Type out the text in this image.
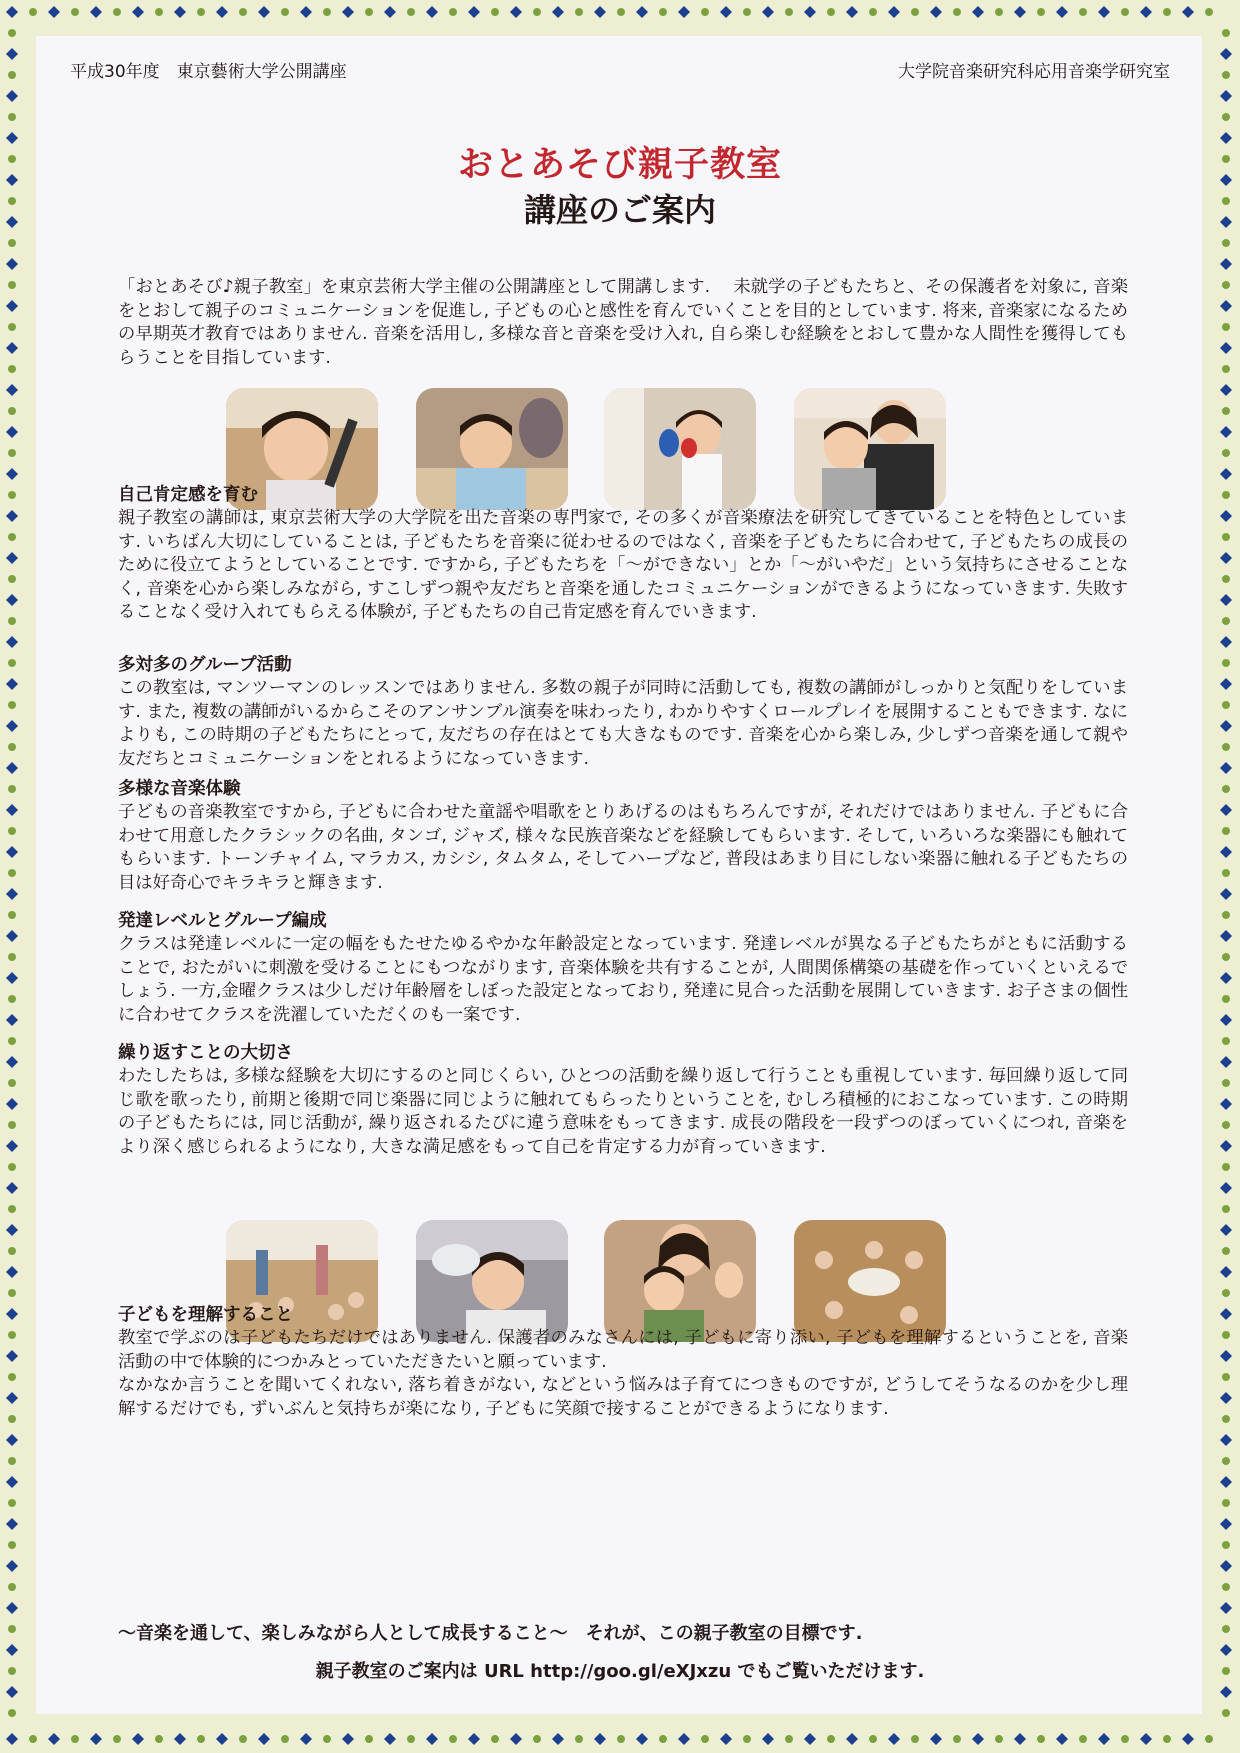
平成30年度　東京藝術大学公開講座	大学院音楽研究科応用音楽学研究室
おとあそび親子教室
講座のご案内

「おとあそび♪親子教室」を東京芸術大学主催の公開講座として開講します.　 未就学の子どもたちと、その保護者を対象に, 音楽をとおして親子のコミュニケーションを促進し, 子どもの心と感性を育んでいくことを目的としています. 将来, 音楽家になるための早期英才教育ではありません. 音楽を活用し, 多様な音と音楽を受け入れ, 自ら楽しむ経験をとおして豊かな人間性を獲得してもらうことを目指しています.

自己肯定感を育む

親子教室の講師は, 東京芸術大学の大学院を出た音楽の専門家で, その多くが音楽療法を研究してきていることを特色としています. いちばん大切にしていることは, 子どもたちを音楽に従わせるのではなく, 音楽を子どもたちに合わせて, 子どもたちの成長のために役立てようとしていることです. ですから, 子どもたちを「〜ができない」とか「〜がいやだ」という気持ちにさせることなく, 音楽を心から楽しみながら, すこしずつ親や友だちと音楽を通したコミュニケーションができるようになっていきます. 失敗することなく受け入れてもらえる体験が, 子どもたちの自己肯定感を育んでいきます.

多対多のグループ活動

この教室は, マンツーマンのレッスンではありません. 多数の親子が同時に活動しても, 複数の講師がしっかりと気配りをしています. また, 複数の講師がいるからこそのアンサンブル演奏を味わったり, わかりやすくロールプレイを展開することもできます. なによりも, この時期の子どもたちにとって, 友だちの存在はとても大きなものです. 音楽を心から楽しみ, 少しずつ音楽を通して親や友だちとコミュニケーションをとれるようになっていきます.

多様な音楽体験

子どもの音楽教室ですから, 子どもに合わせた童謡や唱歌をとりあげるのはもちろんですが, それだけではありません. 子どもに合わせて用意したクラシックの名曲, タンゴ, ジャズ, 様々な民族音楽などを経験してもらいます. そして, いろいろな楽器にも触れてもらいます. トーンチャイム, マラカス, カシシ, タムタム, そしてハープなど, 普段はあまり目にしない楽器に触れる子どもたちの目は好奇心でキラキラと輝きます.

発達レベルとグループ編成

クラスは発達レベルに一定の幅をもたせたゆるやかな年齢設定となっています. 発達レベルが異なる子どもたちがともに活動することで, おたがいに刺激を受けることにもつながります, 音楽体験を共有することが, 人間関係構築の基礎を作っていくといえるでしょう. 一方,金曜クラスは少しだけ年齢層をしぼった設定となっており, 発達に見合った活動を展開していきます. お子さまの個性に合わせてクラスを洗濯していただくのも一案です.

繰り返すことの大切さ

わたしたちは, 多様な経験を大切にするのと同じくらい, ひとつの活動を繰り返して行うことも重視しています. 毎回繰り返して同じ歌を歌ったり, 前期と後期で同じ楽器に同じように触れてもらったりということを, むしろ積極的におこなっています. この時期の子どもたちには, 同じ活動が, 繰り返されるたびに違う意味をもってきます. 成長の階段を一段ずつのぼっていくにつれ, 音楽をより深く感じられるようになり, 大きな満足感をもって自己を肯定する力が育っていきます.

子どもを理解すること

教室で学ぶのは子どもたちだけではありません. 保護者のみなさんには, 子どもに寄り添い, 子どもを理解するということを, 音楽活動の中で体験的につかみとっていただきたいと願っています.

なかなか言うことを聞いてくれない, 落ち着きがない, などという悩みは子育てにつきものですが, どうしてそうなるのかを少し理解するだけでも, ずいぶんと気持ちが楽になり, 子どもに笑顔で接することができるようになります.

〜音楽を通して、楽しみながら人として成長すること〜　それが、この親子教室の目標です.
親子教室のご案内は URL http://goo.gl/eXJxzu でもご覧いただけます.
